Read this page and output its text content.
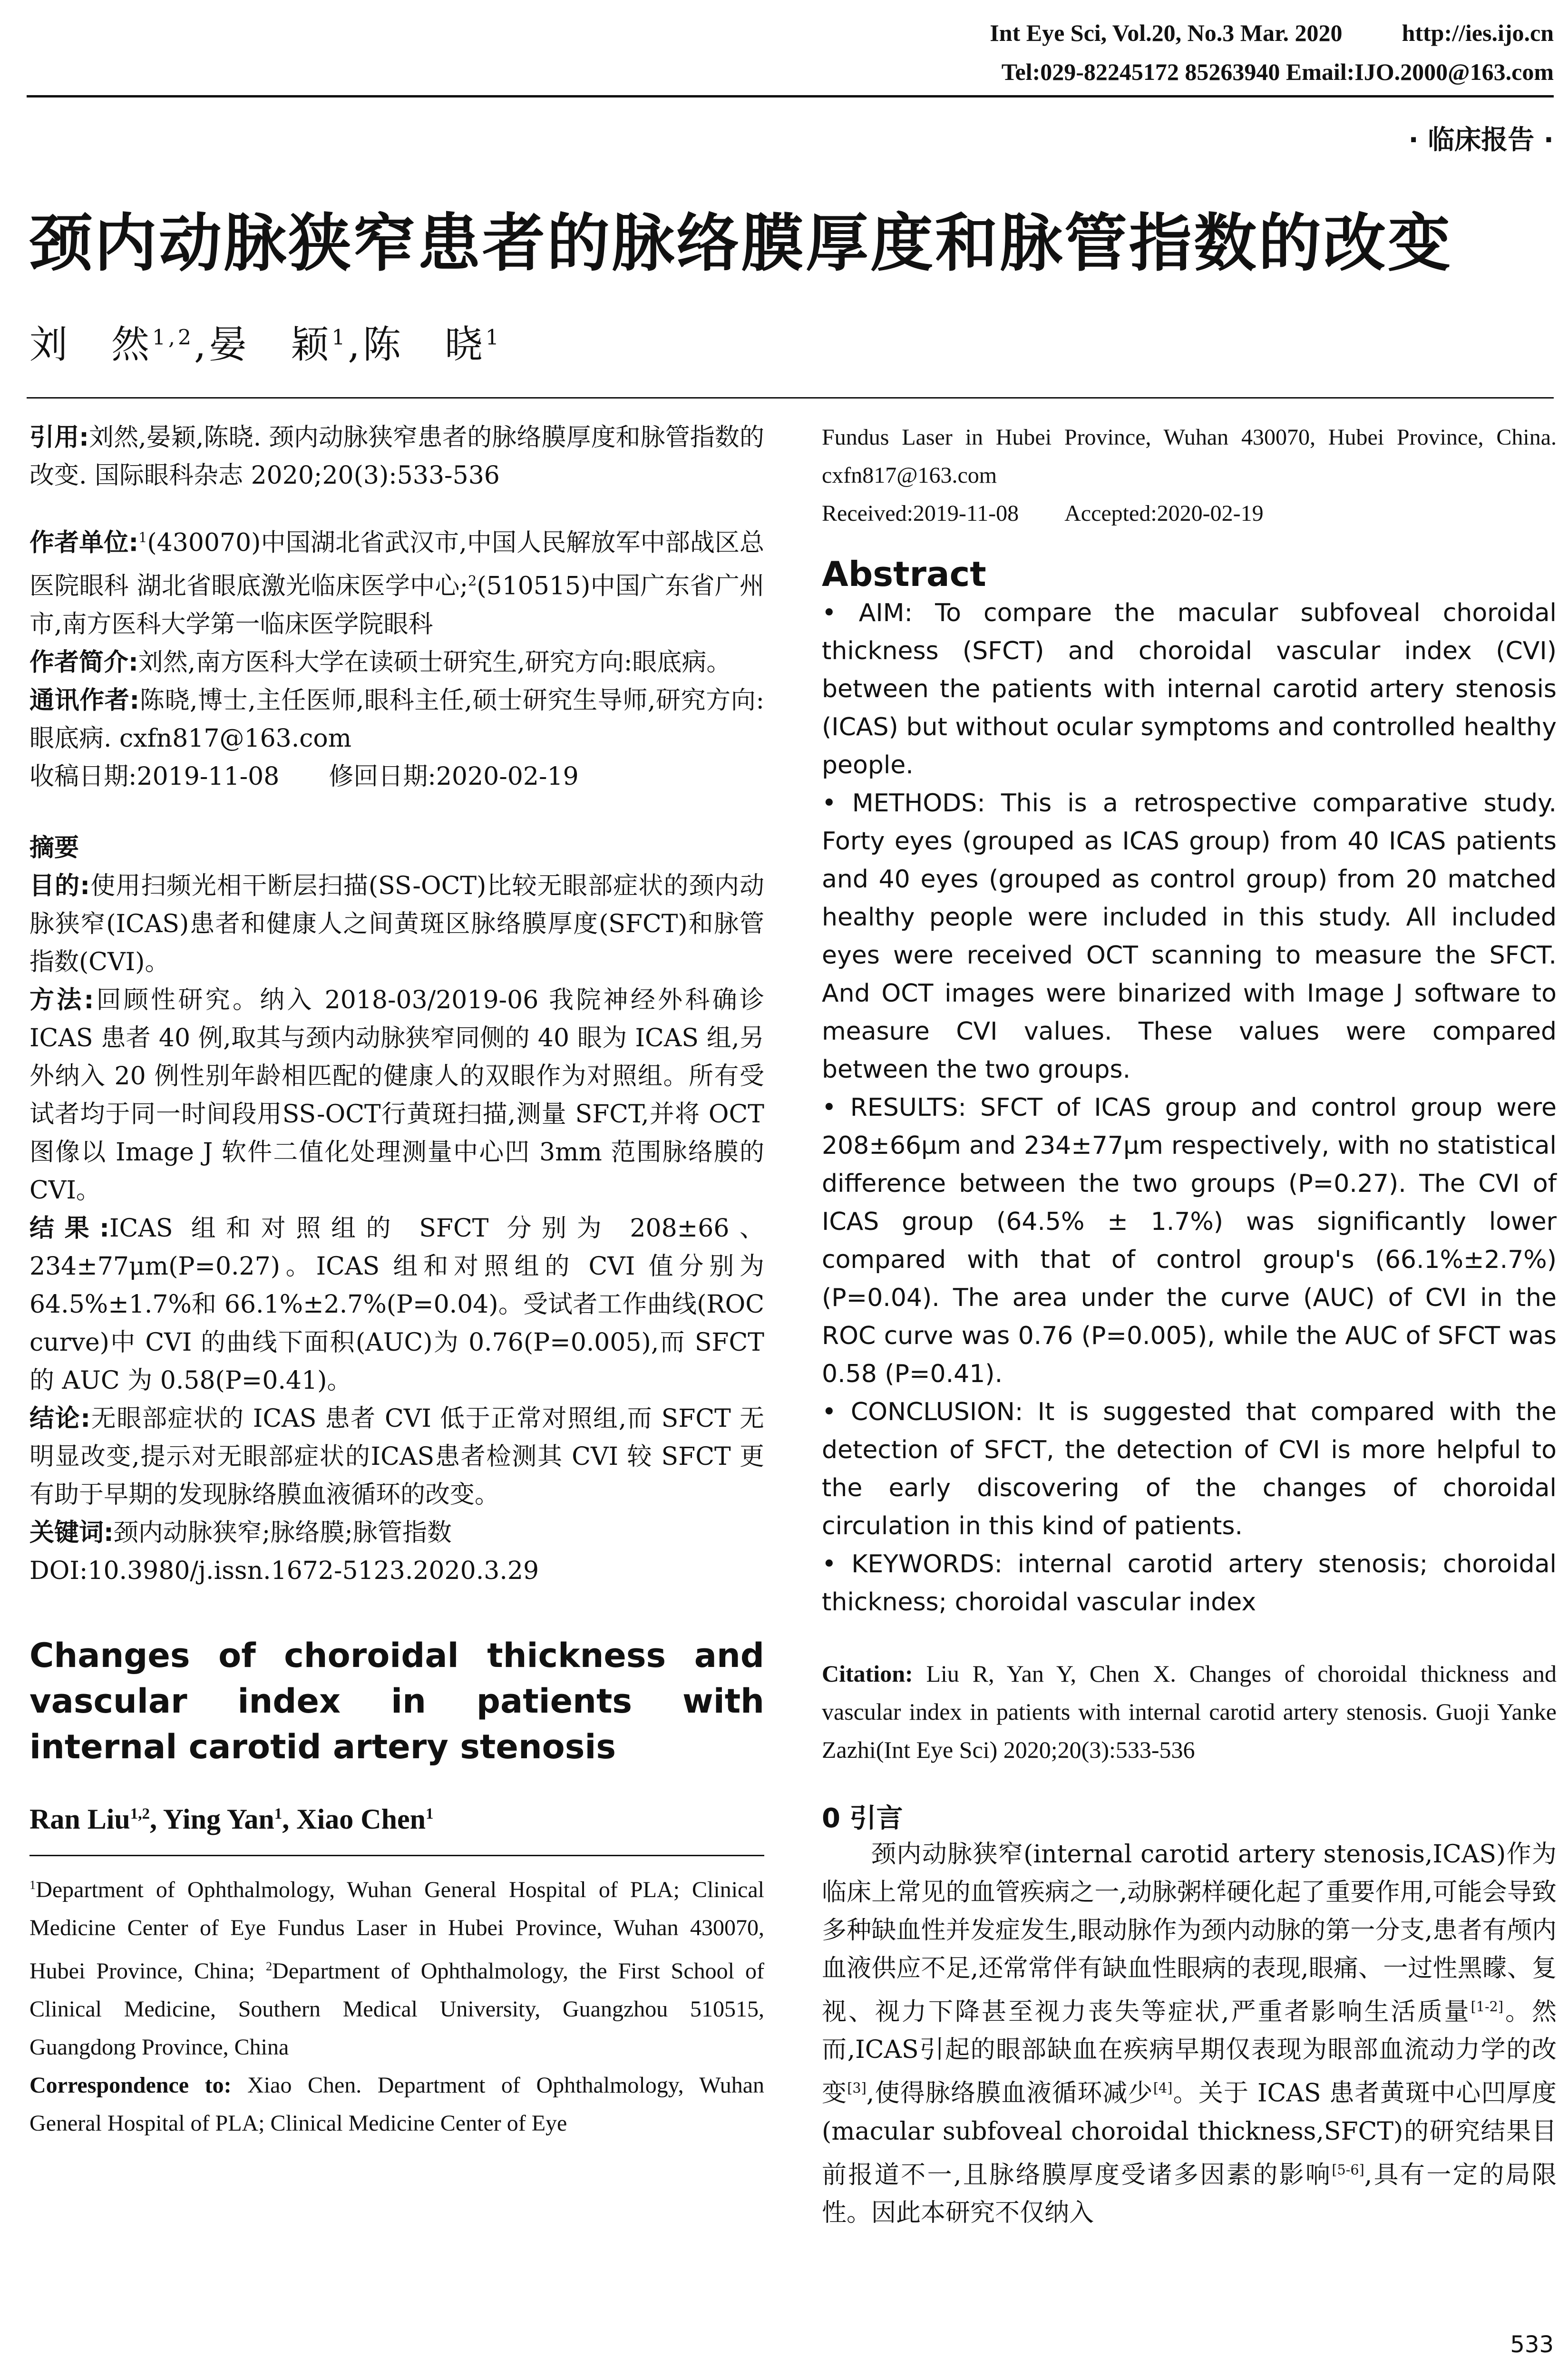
Int Eye Sci, Vol.20, No.3 Mar. 2020	http://ies.ijo.cn
Tel:029-82245172 85263940 Email:IJO.2000@163.com
· 临床报告 ·
颈内动脉狭窄患者的脉络膜厚度和脉管指数的改变
刘　然$^{1,2}$,晏　颖$^1$,陈　晓$^1$

引用:刘然,晏颖,陈晓. 颈内动脉狭窄患者的脉络膜厚度和脉管指数的改变. 国际眼科杂志 2020;20(3):533-536

作者单位:$^1$(430070)中国湖北省武汉市,中国人民解放军中部战区总医院眼科 湖北省眼底激光临床医学中心;$^2$(510515)中国广东省广州市,南方医科大学第一临床医学院眼科

作者简介:刘然,南方医科大学在读硕士研究生,研究方向:眼底病。

通讯作者:陈晓,博士,主任医师,眼科主任,硕士研究生导师,研究方向:眼底病. cxfn817@163.com

收稿日期:2019-11-08　　修回日期:2020-02-19

摘要

目的:使用扫频光相干断层扫描(SS-OCT)比较无眼部症状的颈内动脉狭窄(ICAS)患者和健康人之间黄斑区脉络膜厚度(SFCT)和脉管指数(CVI)。

方法:回顾性研究。纳入 2018-03/2019-06 我院神经外科确诊 ICAS 患者 40 例,取其与颈内动脉狭窄同侧的 40 眼为 ICAS 组,另外纳入 20 例性别年龄相匹配的健康人的双眼作为对照组。所有受试者均于同一时间段用SS-OCT行黄斑扫描,测量 SFCT,并将 OCT 图像以 Image J 软件二值化处理测量中心凹 3mm 范围脉络膜的 CVI。

结果:ICAS 组和对照组的 SFCT 分别为 208±66、234±77μm(P=0.27)。ICAS 组和对照组的 CVI 值分别为 64.5%±1.7%和 66.1%±2.7%(P=0.04)。受试者工作曲线(ROC curve)中 CVI 的曲线下面积(AUC)为 0.76(P=0.005),而 SFCT 的 AUC 为 0.58(P=0.41)。

结论:无眼部症状的 ICAS 患者 CVI 低于正常对照组,而 SFCT 无明显改变,提示对无眼部症状的ICAS患者检测其 CVI 较 SFCT 更有助于早期的发现脉络膜血液循环的改变。

关键词:颈内动脉狭窄;脉络膜;脉管指数

DOI:10.3980/j.issn.1672-5123.2020.3.29

Changes of choroidal thickness and vascular index in patients with internal carotid artery stenosis

Ran Liu$^{1,2}$, Ying Yan$^1$, Xiao Chen$^1$

$^1$Department of Ophthalmology, Wuhan General Hospital of PLA; Clinical Medicine Center of Eye Fundus Laser in Hubei Province, Wuhan 430070, Hubei Province, China; $^2$Department of Ophthalmology, the First School of Clinical Medicine, Southern Medical University, Guangzhou 510515, Guangdong Province, China

Correspondence to: Xiao Chen. Department of Ophthalmology, Wuhan General Hospital of PLA; Clinical Medicine Center of Eye

Fundus Laser in Hubei Province, Wuhan 430070, Hubei Province, China. cxfn817@163.com

Received:2019-11-08　　Accepted:2020-02-19

Abstract

• AIM: To compare the macular subfoveal choroidal thickness (SFCT) and choroidal vascular index (CVI) between the patients with internal carotid artery stenosis (ICAS) but without ocular symptoms and controlled healthy people.

• METHODS: This is a retrospective comparative study. Forty eyes (grouped as ICAS group) from 40 ICAS patients and 40 eyes (grouped as control group) from 20 matched healthy people were included in this study. All included eyes were received OCT scanning to measure the SFCT. And OCT images were binarized with Image J software to measure CVI values. These values were compared between the two groups.

• RESULTS: SFCT of ICAS group and control group were 208±66μm and 234±77μm respectively, with no statistical difference between the two groups (P=0.27). The CVI of ICAS group (64.5% ± 1.7%) was significantly lower compared with that of control group's (66.1%±2.7%) (P=0.04). The area under the curve (AUC) of CVI in the ROC curve was 0.76 (P=0.005), while the AUC of SFCT was 0.58 (P=0.41).

• CONCLUSION: It is suggested that compared with the detection of SFCT, the detection of CVI is more helpful to the early discovering of the changes of choroidal circulation in this kind of patients.

• KEYWORDS: internal carotid artery stenosis; choroidal thickness; choroidal vascular index

Citation: Liu R, Yan Y, Chen X. Changes of choroidal thickness and vascular index in patients with internal carotid artery stenosis. Guoji Yanke Zazhi(Int Eye Sci) 2020;20(3):533-536

0 引言

颈内动脉狭窄(internal carotid artery stenosis,ICAS)作为临床上常见的血管疾病之一,动脉粥样硬化起了重要作用,可能会导致多种缺血性并发症发生,眼动脉作为颈内动脉的第一分支,患者有颅内血液供应不足,还常常伴有缺血性眼病的表现,眼痛、一过性黑矇、复视、视力下降甚至视力丧失等症状,严重者影响生活质量[1-2]。然而,ICAS引起的眼部缺血在疾病早期仅表现为眼部血流动力学的改变[3],使得脉络膜血液循环减少[4]。关于 ICAS 患者黄斑中心凹厚度(macular subfoveal choroidal thickness,SFCT)的研究结果目前报道不一,且脉络膜厚度受诸多因素的影响[5-6],具有一定的局限性。因此本研究不仅纳入

533
